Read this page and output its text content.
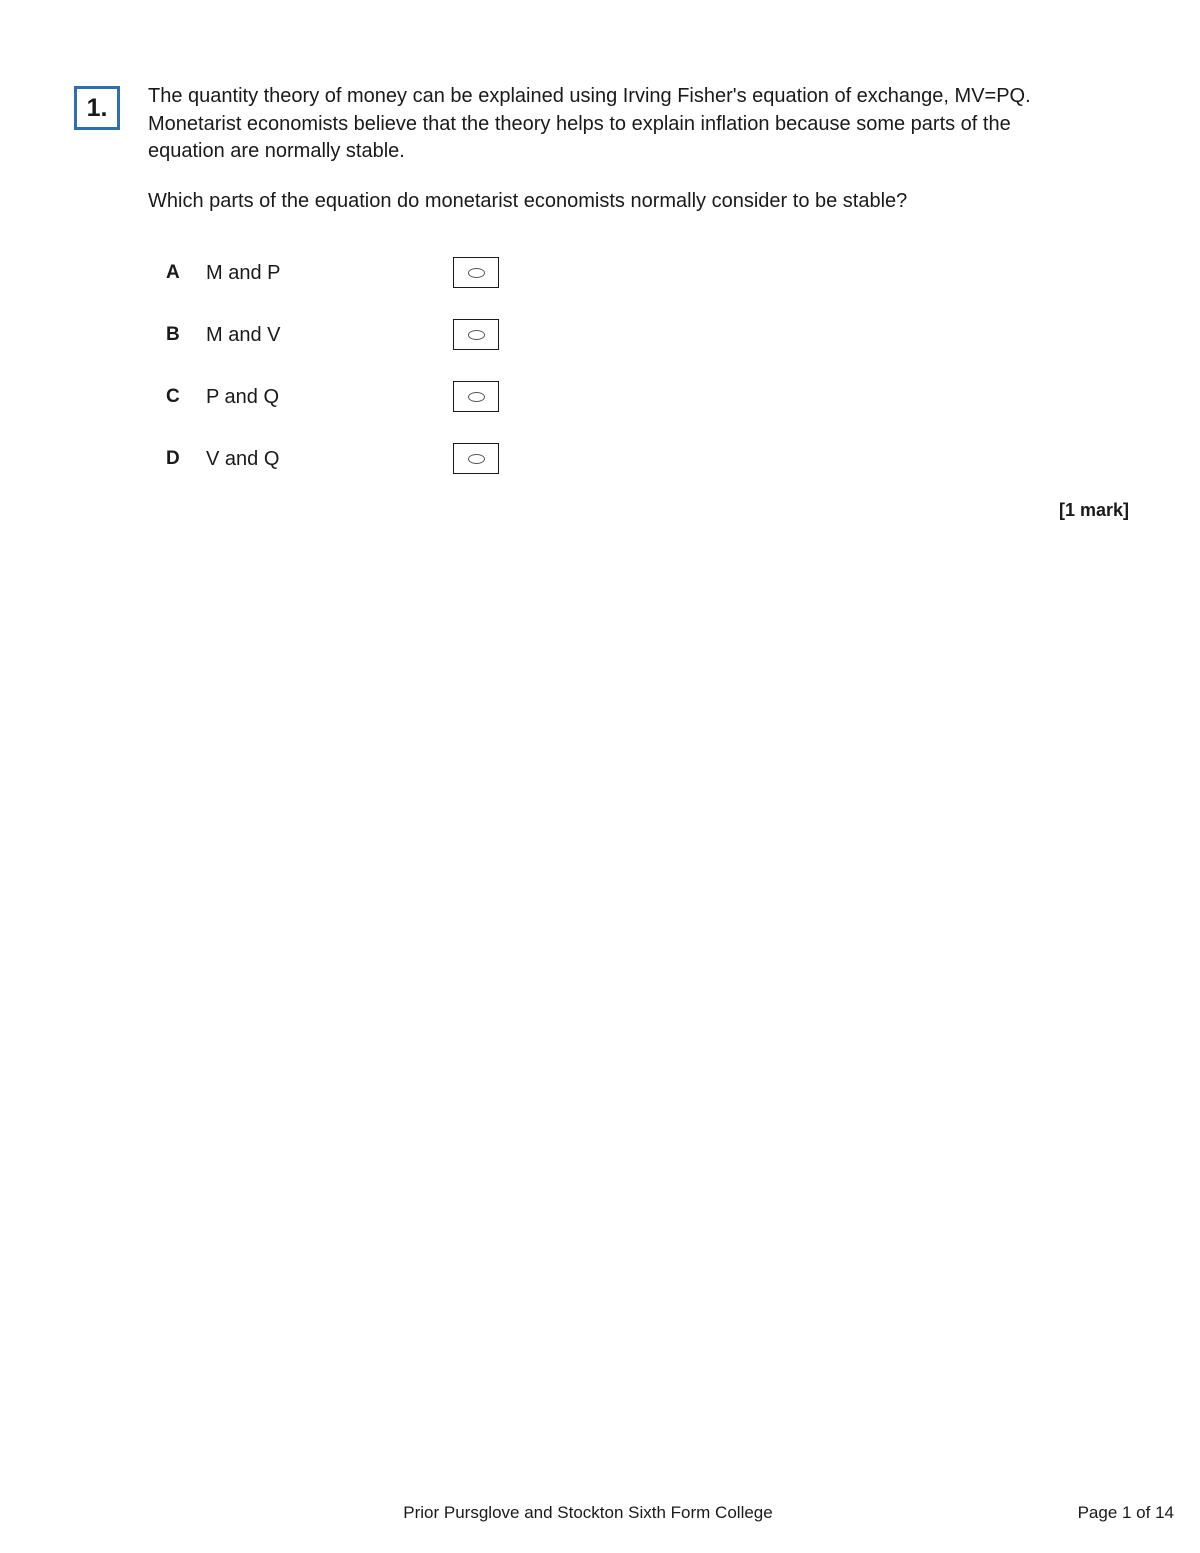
1. The quantity theory of money can be explained using Irving Fisher's equation of exchange, MV=PQ. Monetarist economists believe that the theory helps to explain inflation because some parts of the equation are normally stable.

Which parts of the equation do monetarist economists normally consider to be stable?

A	M and P
B	M and V
C	P and Q
D	V and Q
[1 mark]
Prior Pursglove and Stockton Sixth Form College	Page 1 of 14
